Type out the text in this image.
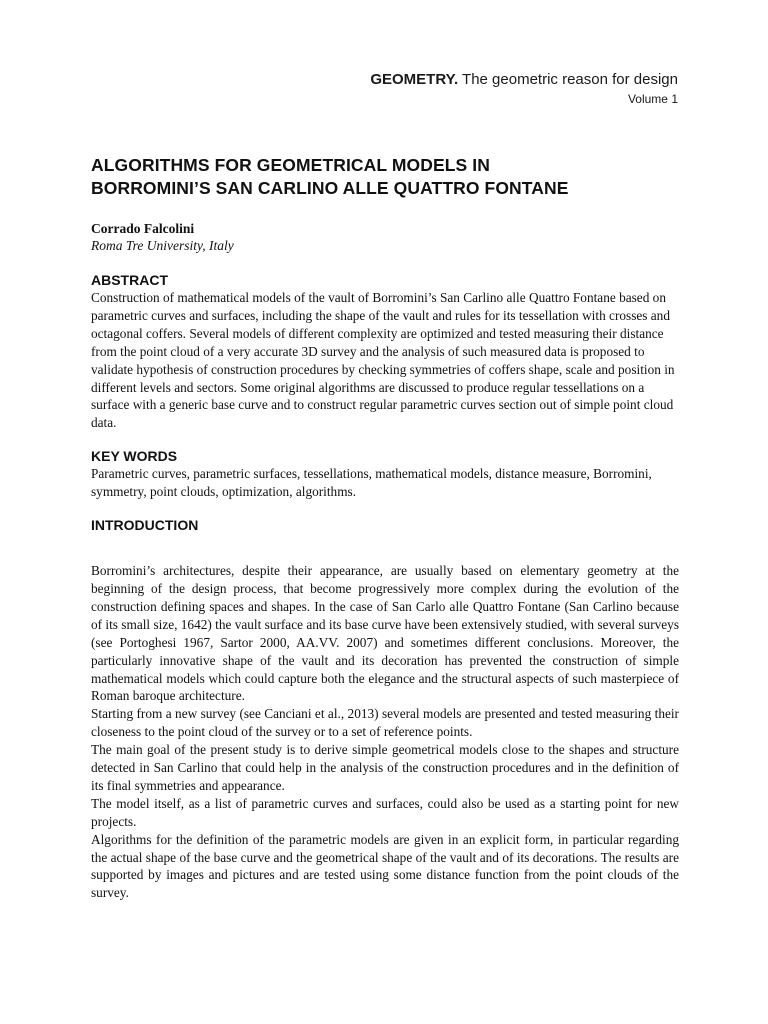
GEOMETRY. The geometric reason for design
Volume 1
ALGORITHMS FOR GEOMETRICAL MODELS IN
BORROMINI’S SAN CARLINO ALLE QUATTRO FONTANE
Corrado Falcolini
Roma Tre University, Italy
ABSTRACT

Construction of mathematical models of the vault of Borromini’s San Carlino alle Quattro Fontane based on parametric curves and surfaces, including the shape of the vault and rules for its tessellation with crosses and octagonal coffers. Several models of different complexity are optimized and tested measuring their distance from the point cloud of a very accurate 3D survey and the analysis of such measured data is proposed to validate hypothesis of construction procedures by checking symmetries of coffers shape, scale and position in different levels and sectors. Some original algorithms are discussed to produce regular tessellations on a surface with a generic base curve and to construct regular parametric curves section out of simple point cloud data.

KEY WORDS

Parametric curves, parametric surfaces, tessellations, mathematical models, distance measure, Borromini, symmetry, point clouds, optimization, algorithms.

INTRODUCTION

Borromini’s architectures, despite their appearance, are usually based on elementary geometry at the beginning of the design process, that become progressively more complex during the evolution of the construction defining spaces and shapes. In the case of San Carlo alle Quattro Fontane (San Carlino because of its small size, 1642) the vault surface and its base curve have been extensively studied, with several surveys (see Portoghesi 1967, Sartor 2000, AA.VV. 2007) and sometimes different conclusions. Moreover, the particularly innovative shape of the vault and its decoration has prevented the construction of simple mathematical models which could capture both the elegance and the structural aspects of such masterpiece of Roman baroque architecture.

Starting from a new survey (see Canciani et al., 2013) several models are presented and tested measuring their closeness to the point cloud of the survey or to a set of reference points.

The main goal of the present study is to derive simple geometrical models close to the shapes and structure detected in San Carlino that could help in the analysis of the construction procedures and in the definition of its final symmetries and appearance.

The model itself, as a list of parametric curves and surfaces, could also be used as a starting point for new projects.

Algorithms for the definition of the parametric models are given in an explicit form, in particular regarding the actual shape of the base curve and the geometrical shape of the vault and of its decorations. The results are supported by images and pictures and are tested using some distance function from the point clouds of the survey.
